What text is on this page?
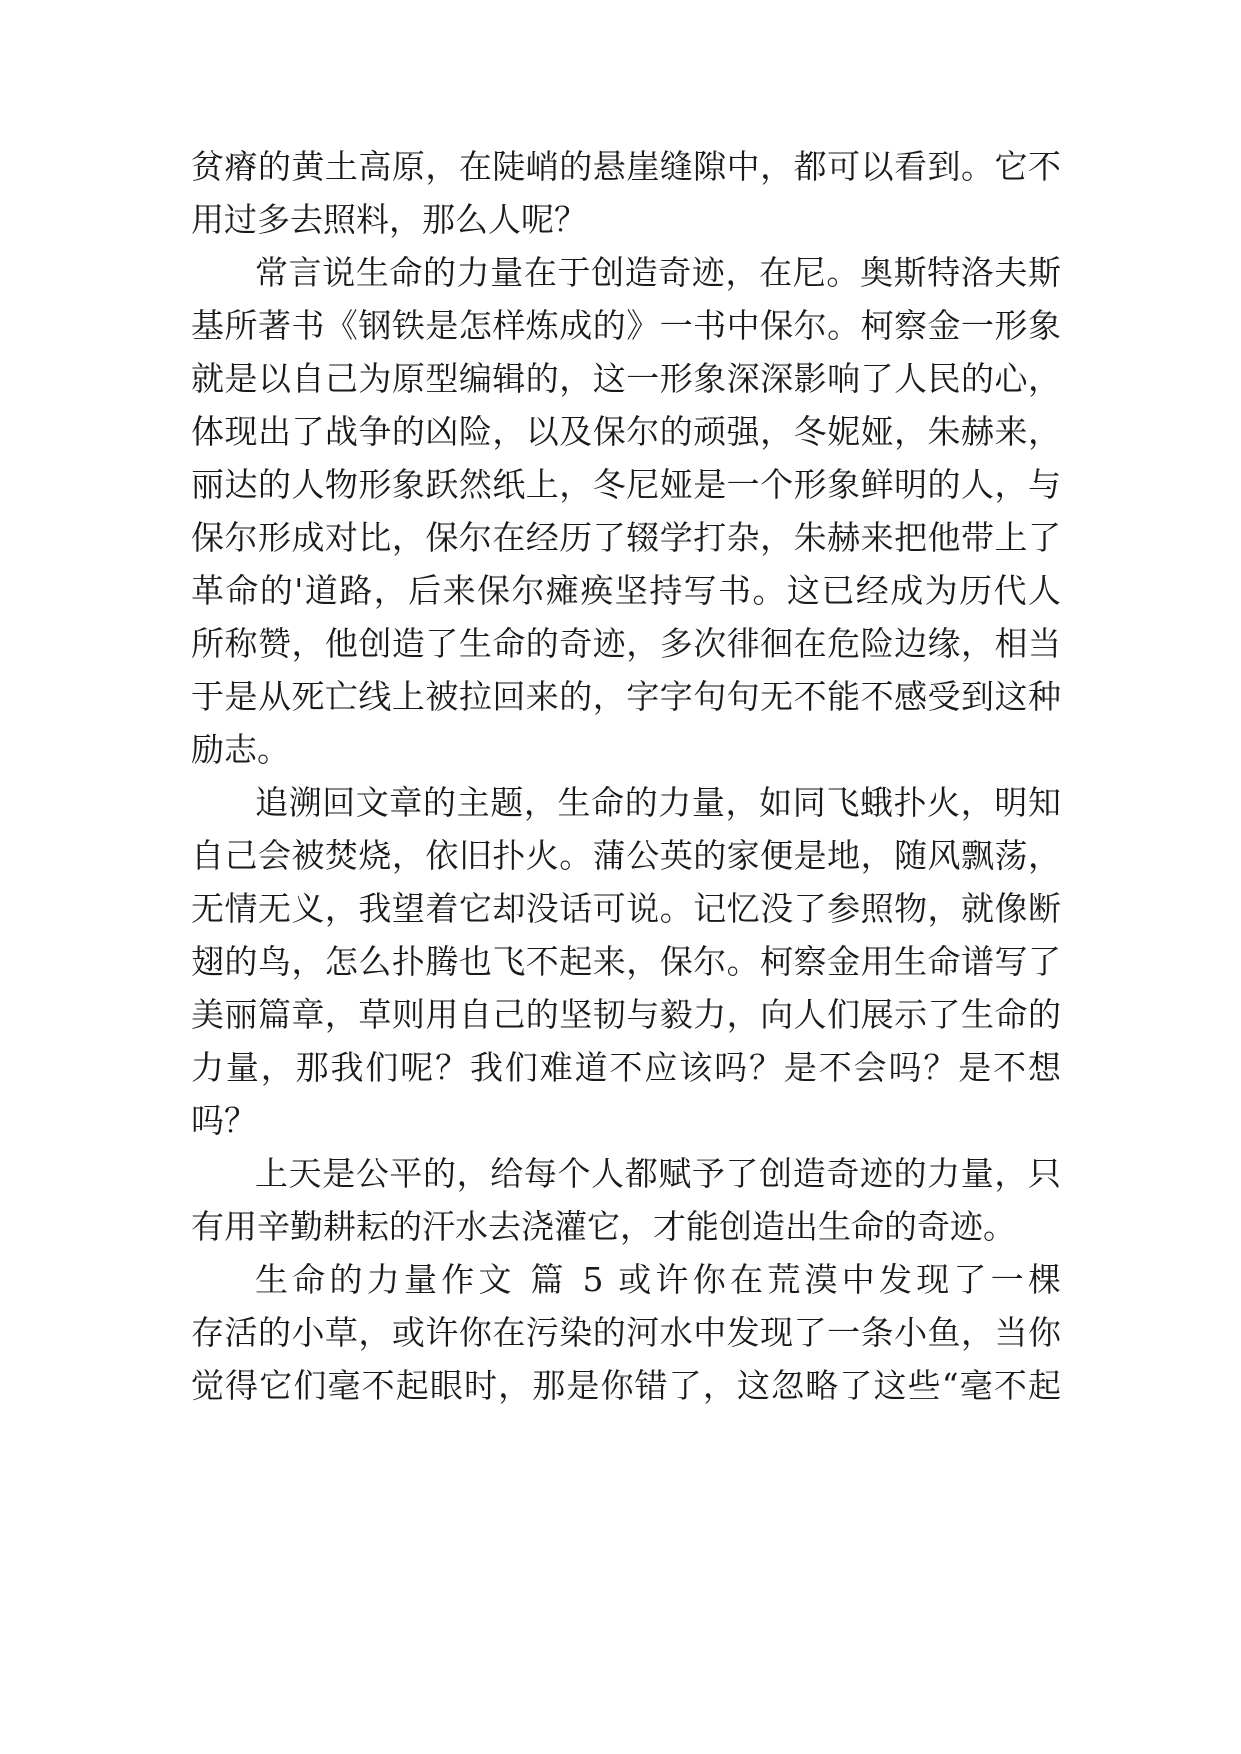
贫瘠的黄土高原，在陡峭的悬崖缝隙中，都可以看到。它不
用过多去照料，那么人呢？
常言说生命的力量在于创造奇迹，在尼。奥斯特洛夫斯
基所著书《钢铁是怎样炼成的》一书中保尔。柯察金一形象
就是以自己为原型编辑的，这一形象深深影响了人民的心，
体现出了战争的凶险，以及保尔的顽强，冬妮娅，朱赫来，
丽达的人物形象跃然纸上，冬尼娅是一个形象鲜明的人，与
保尔形成对比，保尔在经历了辍学打杂，朱赫来把他带上了
革命的'道路，后来保尔瘫痪坚持写书。这已经成为历代人
所称赞，他创造了生命的奇迹，多次徘徊在危险边缘，相当
于是从死亡线上被拉回来的，字字句句无不能不感受到这种
励志。
追溯回文章的主题，生命的力量，如同飞蛾扑火，明知
自己会被焚烧，依旧扑火。蒲公英的家便是地，随风飘荡，
无情无义，我望着它却没话可说。记忆没了参照物，就像断
翅的鸟，怎么扑腾也飞不起来，保尔。柯察金用生命谱写了
美丽篇章，草则用自己的坚韧与毅力，向人们展示了生命的
力量，那我们呢？我们难道不应该吗？是不会吗？是不想
吗？
上天是公平的，给每个人都赋予了创造奇迹的力量，只
有用辛勤耕耘的汗水去浇灌它，才能创造出生命的奇迹。
生命的力量作文 篇 5 或许你在荒漠中发现了一棵
存活的小草，或许你在污染的河水中发现了一条小鱼，当你
觉得它们毫不起眼时，那是你错了，这忽略了这些“毫不起
